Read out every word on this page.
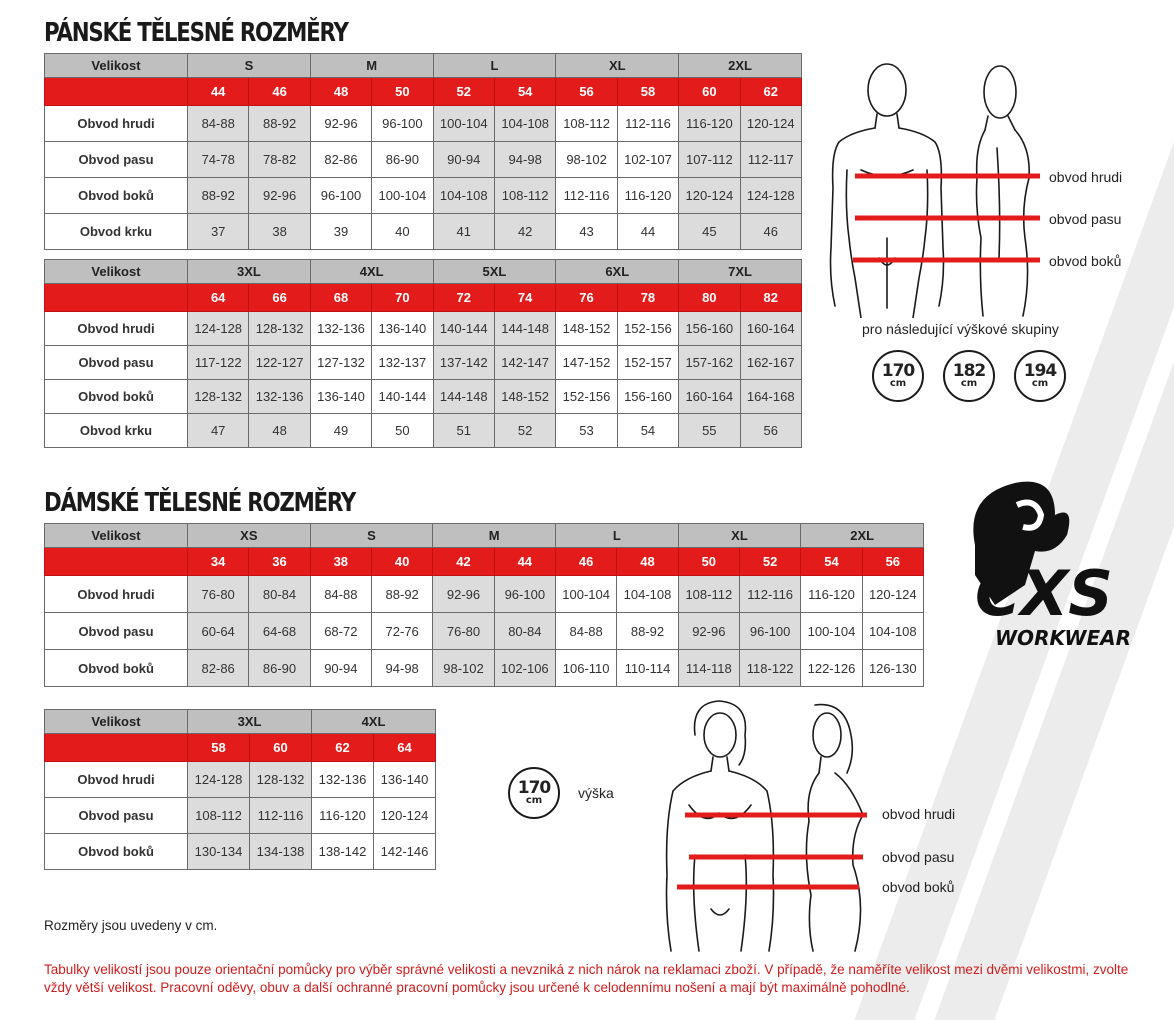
PÁNSKÉ TĚLESNÉ ROZMĚRY
Velikost	S		M		L		XL		2XL	
	44	46	48	50	52	54	56	58	60	62
Obvod hrudi	84-88	88-92	92-96	96-100	100-104	104-108	108-112	112-116	116-120	120-124
Obvod pasu	74-78	78-82	82-86	86-90	90-94	94-98	98-102	102-107	107-112	112-117
Obvod boků	88-92	92-96	96-100	100-104	104-108	108-112	112-116	116-120	120-124	124-128
Obvod krku	37	38	39	40	41	42	43	44	45	46
Velikost	3XL		4XL		5XL		6XL		7XL	
	64	66	68	70	72	74	76	78	80	82
Obvod hrudi	124-128	128-132	132-136	136-140	140-144	144-148	148-152	152-156	156-160	160-164
Obvod pasu	117-122	122-127	127-132	132-137	137-142	142-147	147-152	152-157	157-162	162-167
Obvod boků	128-132	132-136	136-140	140-144	144-148	148-152	152-156	156-160	160-164	164-168
Obvod krku	47	48	49	50	51	52	53	54	55	56
obvod hrudi
obvod pasu
obvod boků
pro následující výškové skupiny
170
cm
182
cm
194
cm
DÁMSKÉ TĚLESNÉ ROZMĚRY
Velikost	XS		S		M		L		XL		2XL	
	34	36	38	40	42	44	46	48	50	52	54	56
Obvod hrudi	76-80	80-84	84-88	88-92	92-96	96-100	100-104	104-108	108-112	112-116	116-120	120-124
Obvod pasu	60-64	64-68	68-72	72-76	76-80	80-84	84-88	88-92	92-96	96-100	100-104	104-108
Obvod boků	82-86	86-90	90-94	94-98	98-102	102-106	106-110	110-114	114-118	118-122	122-126	126-130
Velikost	3XL		4XL	
	58	60	62	64
Obvod hrudi	124-128	128-132	132-136	136-140
Obvod pasu	108-112	112-116	116-120	120-124
Obvod boků	130-134	134-138	138-142	142-146
CXS
WORKWEAR
170
cm	výška
obvod hrudi
obvod pasu
obvod boků
Rozměry jsou uvedeny v cm.
Tabulky velikostí jsou pouze orientační pomůcky pro výběr správné velikosti a nevzniká z nich nárok na reklamaci zboží. V případě, že naměříte velikost mezi dvěmi velikostmi, zvolte vždy větší velikost. Pracovní oděvy, obuv a další ochranné pracovní pomůcky jsou určené k celodennímu nošení a mají být maximálně pohodlné.
